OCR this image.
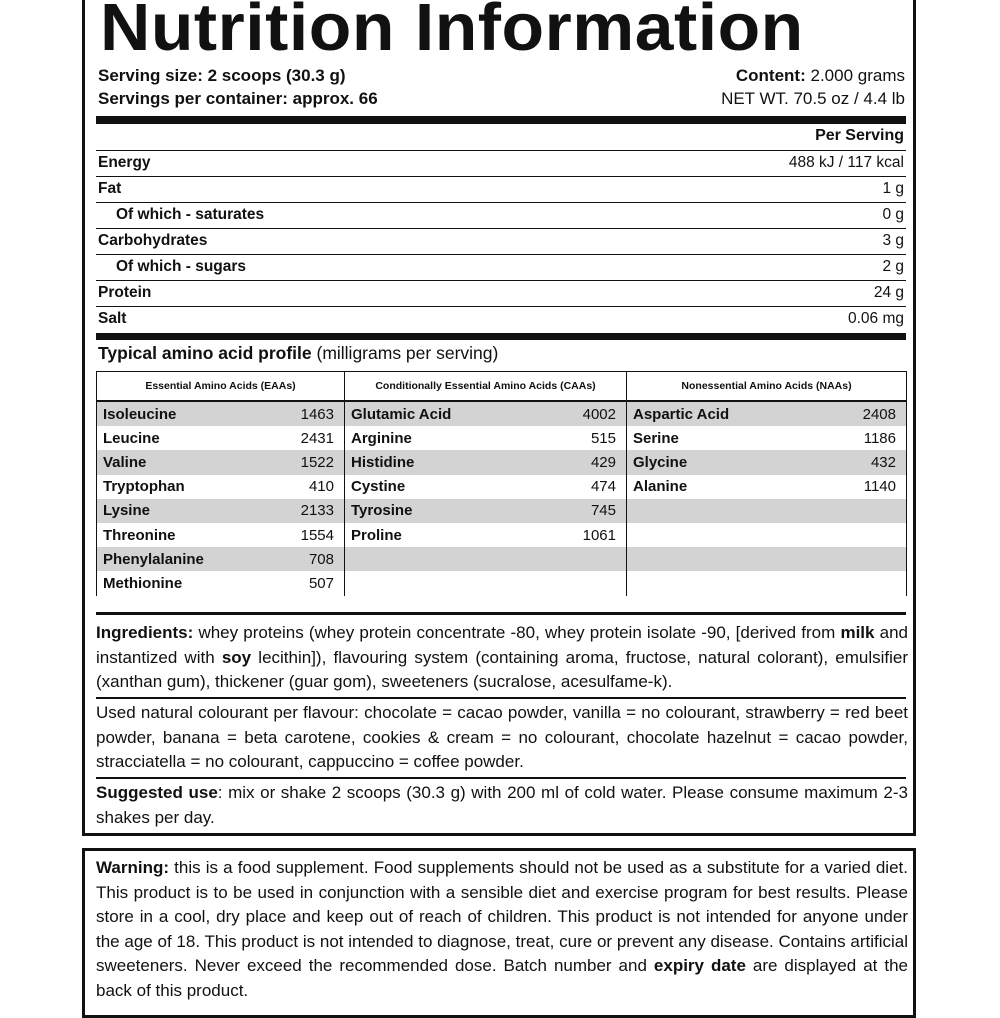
Nutrition Information
Serving size: 2 scoops (30.3 g)
Servings per container: approx. 66
Content: 2.000 grams
NET WT. 70.5 oz / 4.4 lb
Per Serving
Energy	488 kJ / 117 kcal
Fat	1 g
Of which - saturates	0 g
Carbohydrates	3 g
Of which - sugars	2 g
Protein	24 g
Salt	0.06 mg
Typical amino acid profile (milligrams per serving)
Essential Amino Acids (EAAs)	Conditionally Essential Amino Acids (CAAs)	Nonessential Amino Acids (NAAs)

Isoleucine 1463	Glutamic Acid 4002	Aspartic Acid 2408

Leucine 2431	Arginine 515	Serine 1186

Valine 1522	Histidine 429	Glycine 432

Tryptophan 410	Cystine 474	Alanine 1140

Lysine 2133	Tyrosine 745	

Threonine 1554	Proline 1061	

Phenylalanine 708		

Methionine 507		

Ingredients: whey proteins (whey protein concentrate -80, whey protein isolate -90, [derived from milk and instantized with soy lecithin]), flavouring system (containing aroma, fructose, natural colorant), emulsifier (xanthan gum), thickener (guar gom), sweeteners (sucralose, acesulfame-k).
Used natural colourant per flavour: chocolate = cacao powder, vanilla = no colourant, strawberry = red beet powder, banana = beta carotene, cookies & cream = no colourant, chocolate hazelnut = cacao powder, stracciatella = no colourant, cappuccino = coffee powder.
Suggested use: mix or shake 2 scoops (30.3 g) with 200 ml of cold water. Please consume maximum 2-3 shakes per day.
Warning: this is a food supplement. Food supplements should not be used as a substitute for a varied diet. This product is to be used in conjunction with a sensible diet and exercise program for best results. Please store in a cool, dry place and keep out of reach of children. This product is not intended for anyone under the age of 18. This product is not intended to diagnose, treat, cure or prevent any disease. Contains artificial sweeteners. Never exceed the recommended dose. Batch number and expiry date are displayed at the back of this product.
